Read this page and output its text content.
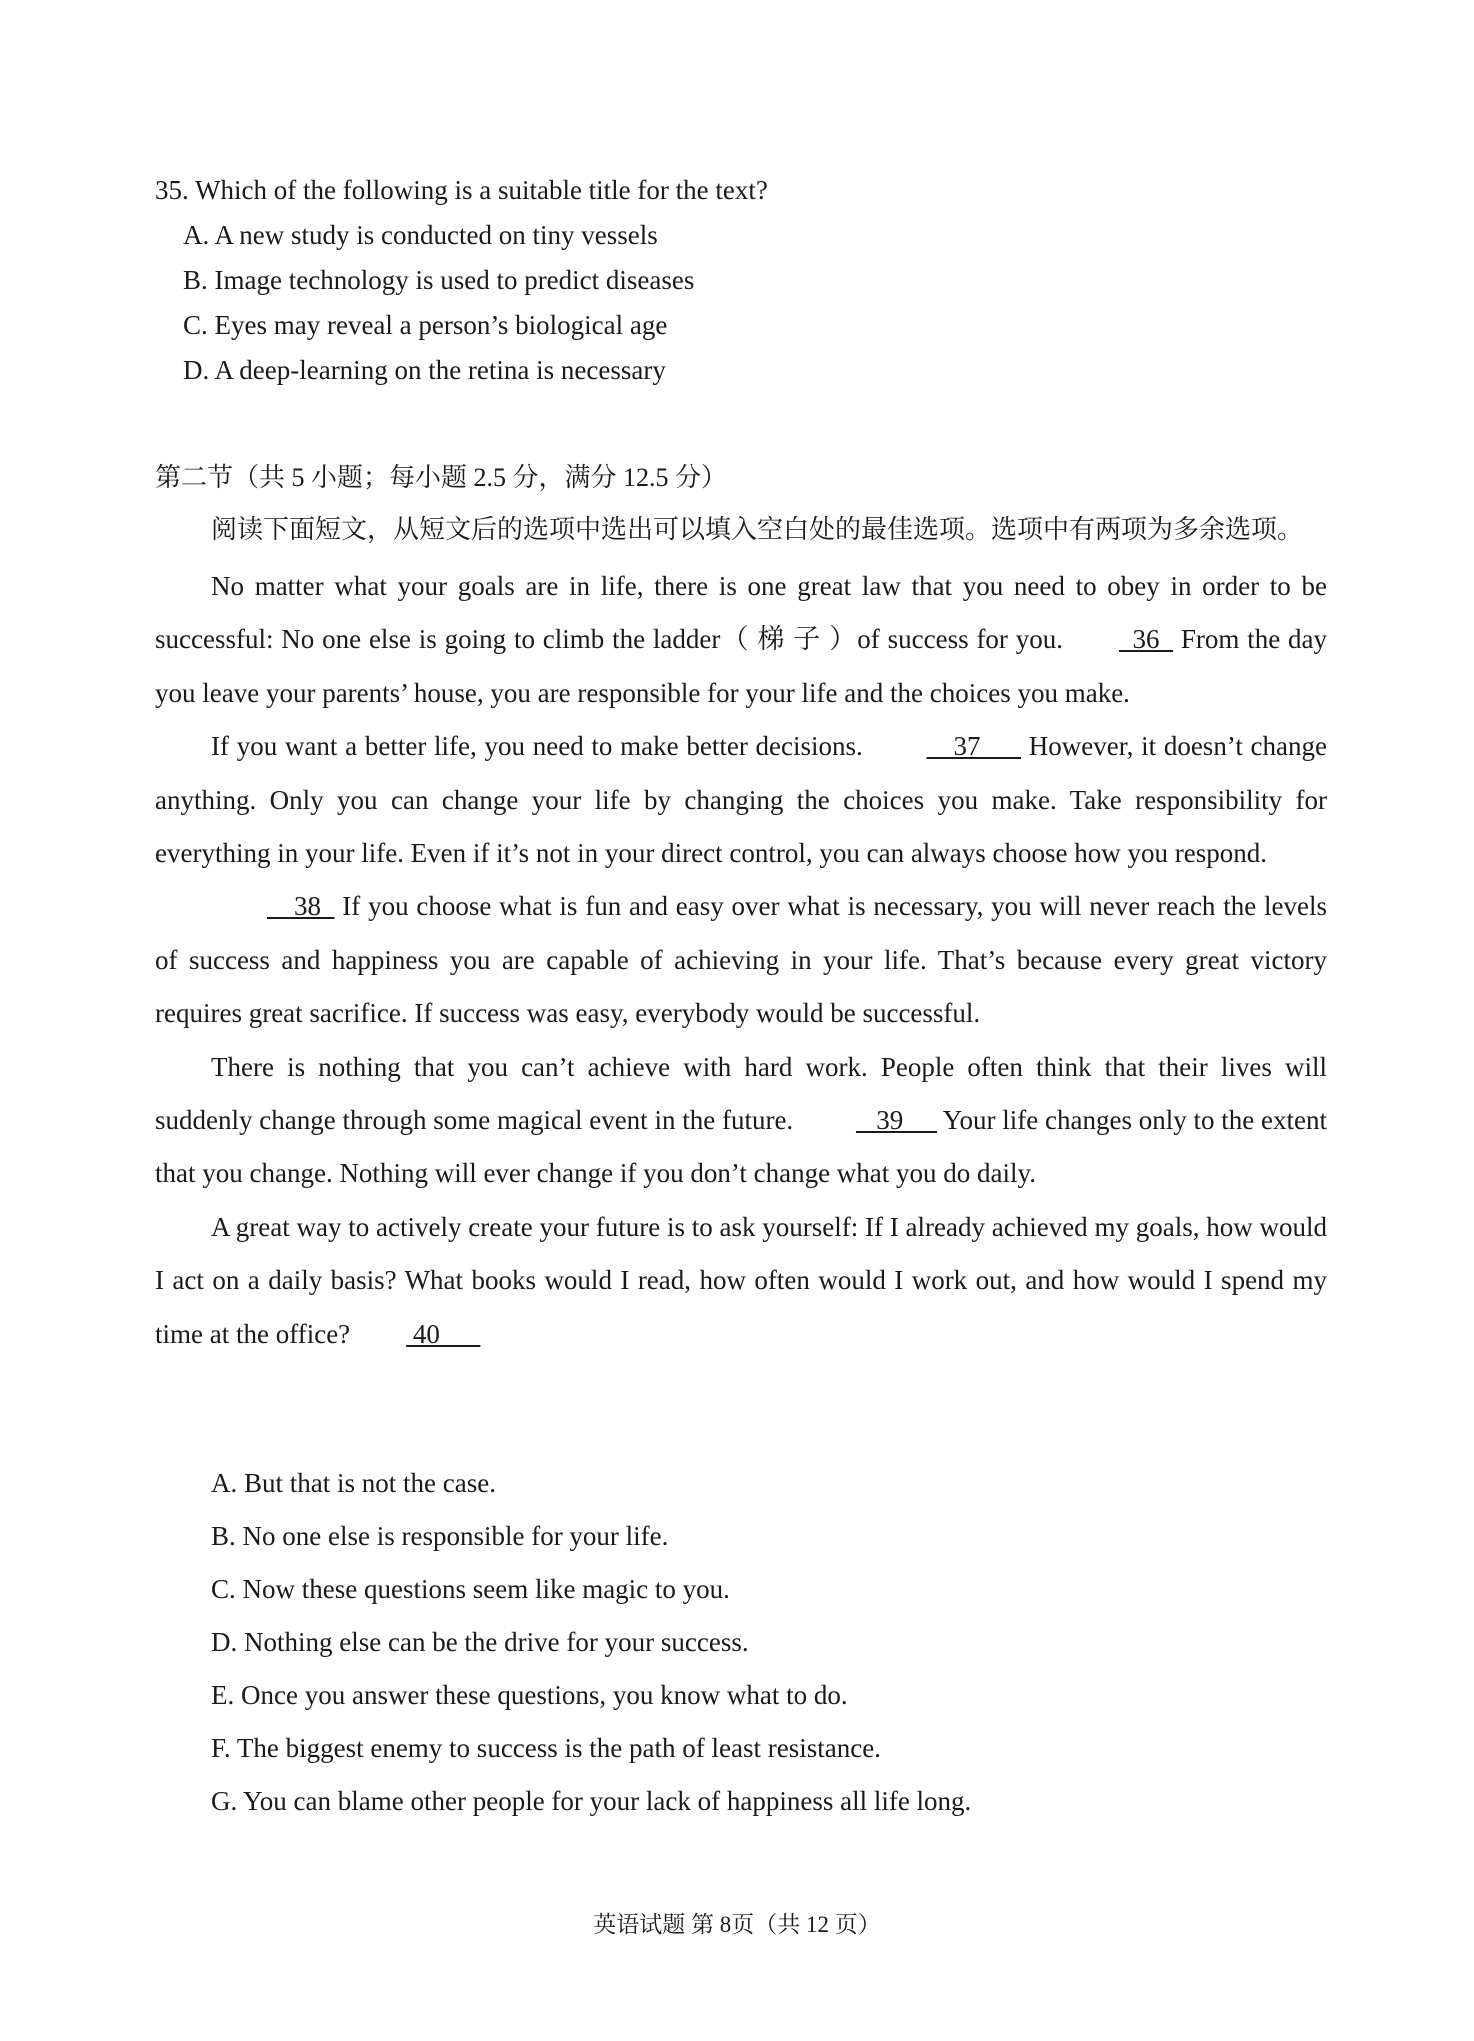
35. Which of the following is a suitable title for the text?
A. A new study is conducted on tiny vessels
B. Image technology is used to predict diseases
C. Eyes may reveal a person’s biological age
D. A deep-learning on the retina is necessary
第二节（共 5 小题；每小题 2.5 分，满分 12.5 分）
阅读下面短文，从短文后的选项中选出可以填入空白处的最佳选项。选项中有两项为多余选项。

No matter what your goals are in life, there is one great law that you need to obey in order to be successful: No one else is going to climb the ladder（ 梯 子 ）of success for you.  36   From the day you leave your parents’ house, you are responsible for your life and the choices you make.

If you want a better life, you need to make better decisions.     37       However, it doesn’t change anything. Only you can change your life by changing the choices you make. Take responsibility for everything in your life. Even if it’s not in your direct control, you can always choose how you respond.

38   If you choose what is fun and easy over what is necessary, you will never reach the levels of success and happiness you are capable of achieving in your life. That’s because every great victory requires great sacrifice. If success was easy, everybody would be successful.

There is nothing that you can’t achieve with hard work. People often think that their lives will suddenly change through some magical event in the future.    39      Your life changes only to the extent that you change. Nothing will ever change if you don’t change what you do daily.

A great way to actively create your future is to ask yourself: If I already achieved my goals, how would I act on a daily basis? What books would I read, how often would I work out, and how would I spend my time at the office? 40

A. But that is not the case.
B. No one else is responsible for your life.
C. Now these questions seem like magic to you.
D. Nothing else can be the drive for your success.
E. Once you answer these questions, you know what to do.
F. The biggest enemy to success is the path of least resistance.
G. You can blame other people for your lack of happiness all life long.
英语试题 第 8页（共 12 页）
